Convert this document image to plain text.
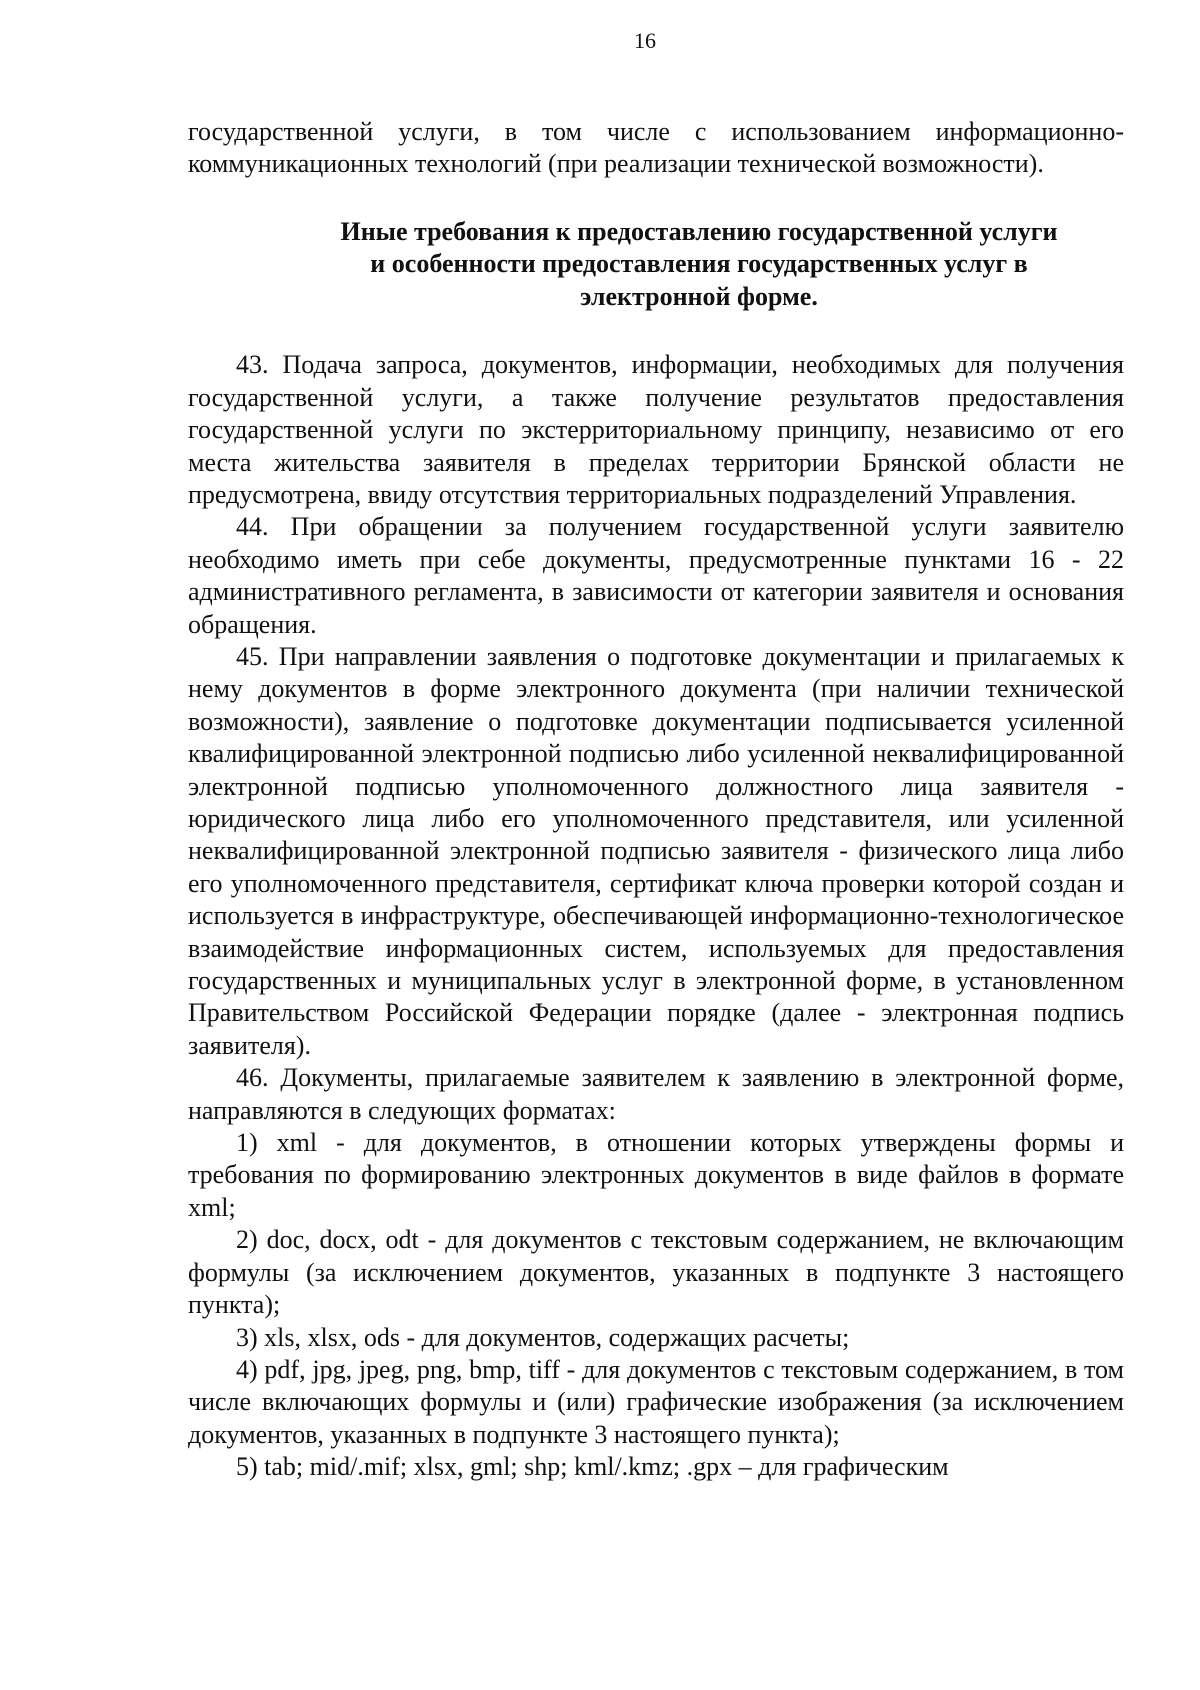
16

государственной услуги, в том числе с использованием информационно-коммуникационных технологий (при реализации технической возможности).

Иные требования к предоставлению государственной услуги
и особенности предоставления государственных услуг в
электронной форме.

43. Подача запроса, документов, информации, необходимых для получения государственной услуги, а также получение результатов предоставления государственной услуги по экстерриториальному принципу, независимо от его места жительства заявителя в пределах территории Брянской области не предусмотрена, ввиду отсутствия территориальных подразделений Управления.

44. При обращении за получением государственной услуги заявителю необходимо иметь при себе документы, предусмотренные пунктами 16 - 22 административного регламента, в зависимости от категории заявителя и основания обращения.

45. При направлении заявления о подготовке документации и прилагаемых к нему документов в форме электронного документа (при наличии технической возможности), заявление о подготовке документации подписывается усиленной квалифицированной электронной подписью либо усиленной неквалифицированной электронной подписью уполномоченного должностного лица заявителя - юридического лица либо его уполномоченного представителя, или усиленной неквалифицированной электронной подписью заявителя - физического лица либо его уполномоченного представителя, сертификат ключа проверки которой создан и используется в инфраструктуре, обеспечивающей информационно-технологическое взаимодействие информационных систем, используемых для предоставления государственных и муниципальных услуг в электронной форме, в установленном Правительством Российской Федерации порядке (далее - электронная подпись заявителя).

46. Документы, прилагаемые заявителем к заявлению в электронной форме, направляются в следующих форматах:

1) xml - для документов, в отношении которых утверждены формы и требования по формированию электронных документов в виде файлов в формате xml;

2) doc, docx, odt - для документов с текстовым содержанием, не включающим формулы (за исключением документов, указанных в подпункте 3 настоящего пункта);

3) xls, xlsx, ods - для документов, содержащих расчеты;

4) pdf, jpg, jpeg, png, bmp, tiff - для документов с текстовым содержанием, в том числе включающих формулы и (или) графические изображения (за исключением документов, указанных в подпункте 3 настоящего пункта);

5) tab; mid/.mif; xlsx, gml; shp; kml/.kmz; .gpx – для графическим
